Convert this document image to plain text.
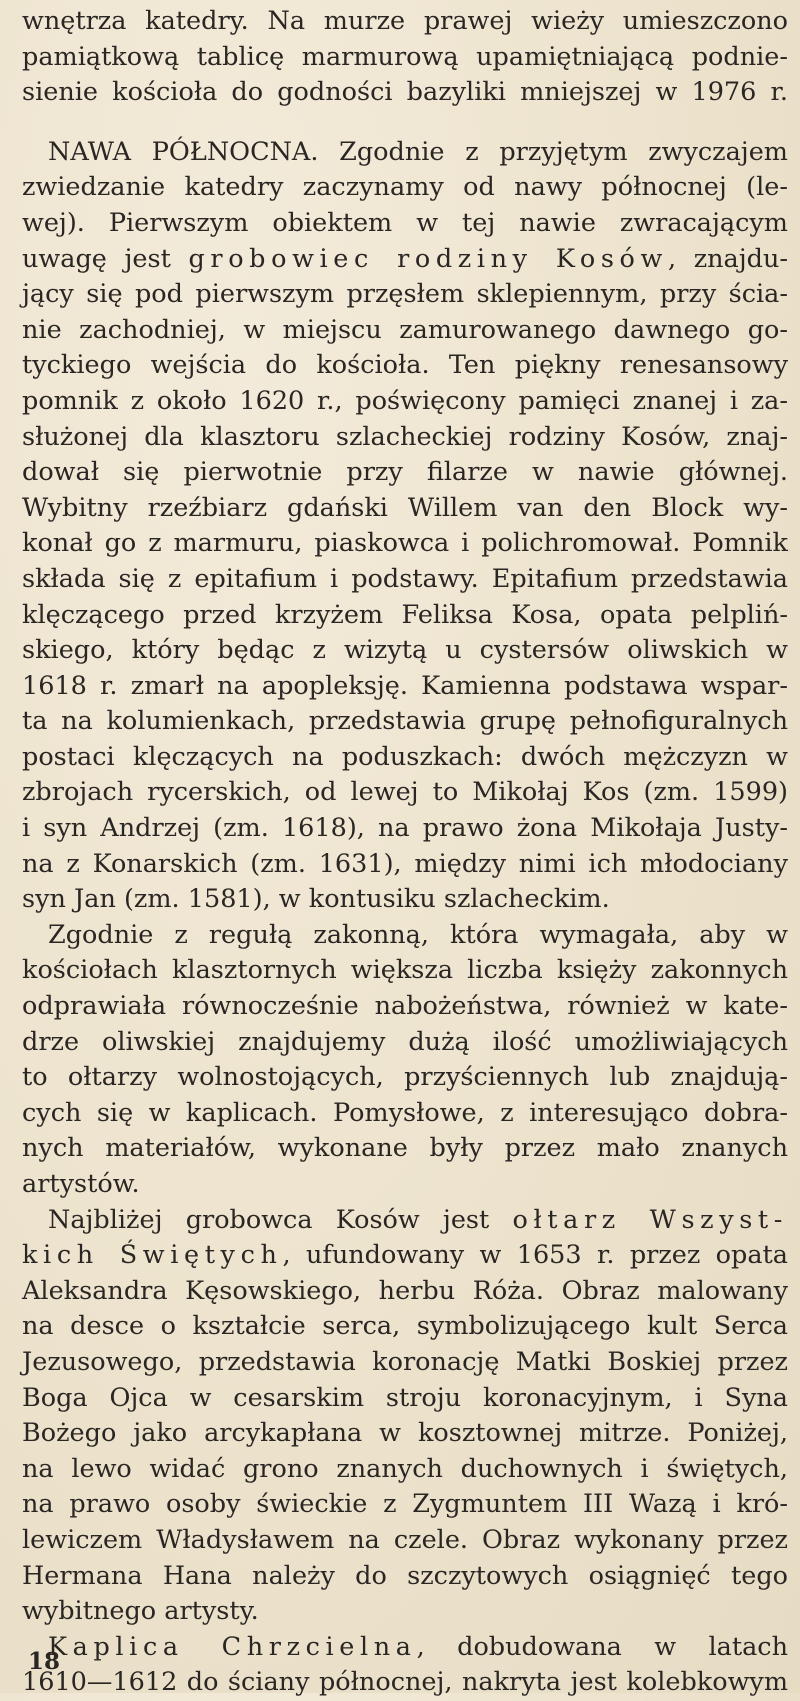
wnętrza katedry. Na murze prawej wieży umieszczono
pamiątkową tablicę marmurową upamiętniającą podnie-
sienie kościoła do godności bazyliki mniejszej w 1976 r.
NAWA PÓŁNOCNA. Zgodnie z przyjętym zwyczajem
zwiedzanie katedry zaczynamy od nawy północnej (le-
wej). Pierwszym obiektem w tej nawie zwracającym
uwagę jest grobowiec rodziny Kosów, znajdu-
jący się pod pierwszym przęsłem sklepiennym, przy ścia-
nie zachodniej, w miejscu zamurowanego dawnego go-
tyckiego wejścia do kościoła. Ten piękny renesansowy
pomnik z około 1620 r., poświęcony pamięci znanej i za-
służonej dla klasztoru szlacheckiej rodziny Kosów, znaj-
dował się pierwotnie przy filarze w nawie głównej.
Wybitny rzeźbiarz gdański Willem van den Block wy-
konał go z marmuru, piaskowca i polichromował. Pomnik
składa się z epitafium i podstawy. Epitafium przedstawia
klęczącego przed krzyżem Feliksa Kosa, opata pelpliń-
skiego, który będąc z wizytą u cystersów oliwskich w
1618 r. zmarł na apopleksję. Kamienna podstawa wspar-
ta na kolumienkach, przedstawia grupę pełnofiguralnych
postaci klęczących na poduszkach: dwóch mężczyzn w
zbrojach rycerskich, od lewej to Mikołaj Kos (zm. 1599)
i syn Andrzej (zm. 1618), na prawo żona Mikołaja Justy-
na z Konarskich (zm. 1631), między nimi ich młodociany
syn Jan (zm. 1581), w kontusiku szlacheckim.
Zgodnie z regułą zakonną, która wymagała, aby w
kościołach klasztornych większa liczba księży zakonnych
odprawiała równocześnie nabożeństwa, również w kate-
drze oliwskiej znajdujemy dużą ilość umożliwiających
to ołtarzy wolnostojących, przyściennych lub znajdują-
cych się w kaplicach. Pomysłowe, z interesująco dobra-
nych materiałów, wykonane były przez mało znanych
artystów.
Najbliżej grobowca Kosów jest ołtarz Wszyst-
kich Świętych, ufundowany w 1653 r. przez opata
Aleksandra Kęsowskiego, herbu Róża. Obraz malowany
na desce o kształcie serca, symbolizującego kult Serca
Jezusowego, przedstawia koronację Matki Boskiej przez
Boga Ojca w cesarskim stroju koronacyjnym, i Syna
Bożego jako arcykapłana w kosztownej mitrze. Poniżej,
na lewo widać grono znanych duchownych i świętych,
na prawo osoby świeckie z Zygmuntem III Wazą i kró-
lewiczem Władysławem na czele. Obraz wykonany przez
Hermana Hana należy do szczytowych osiągnięć tego
wybitnego artysty.
Kaplica Chrzcielna, dobudowana w latach
1610—1612 do ściany północnej, nakryta jest kolebkowym
18
